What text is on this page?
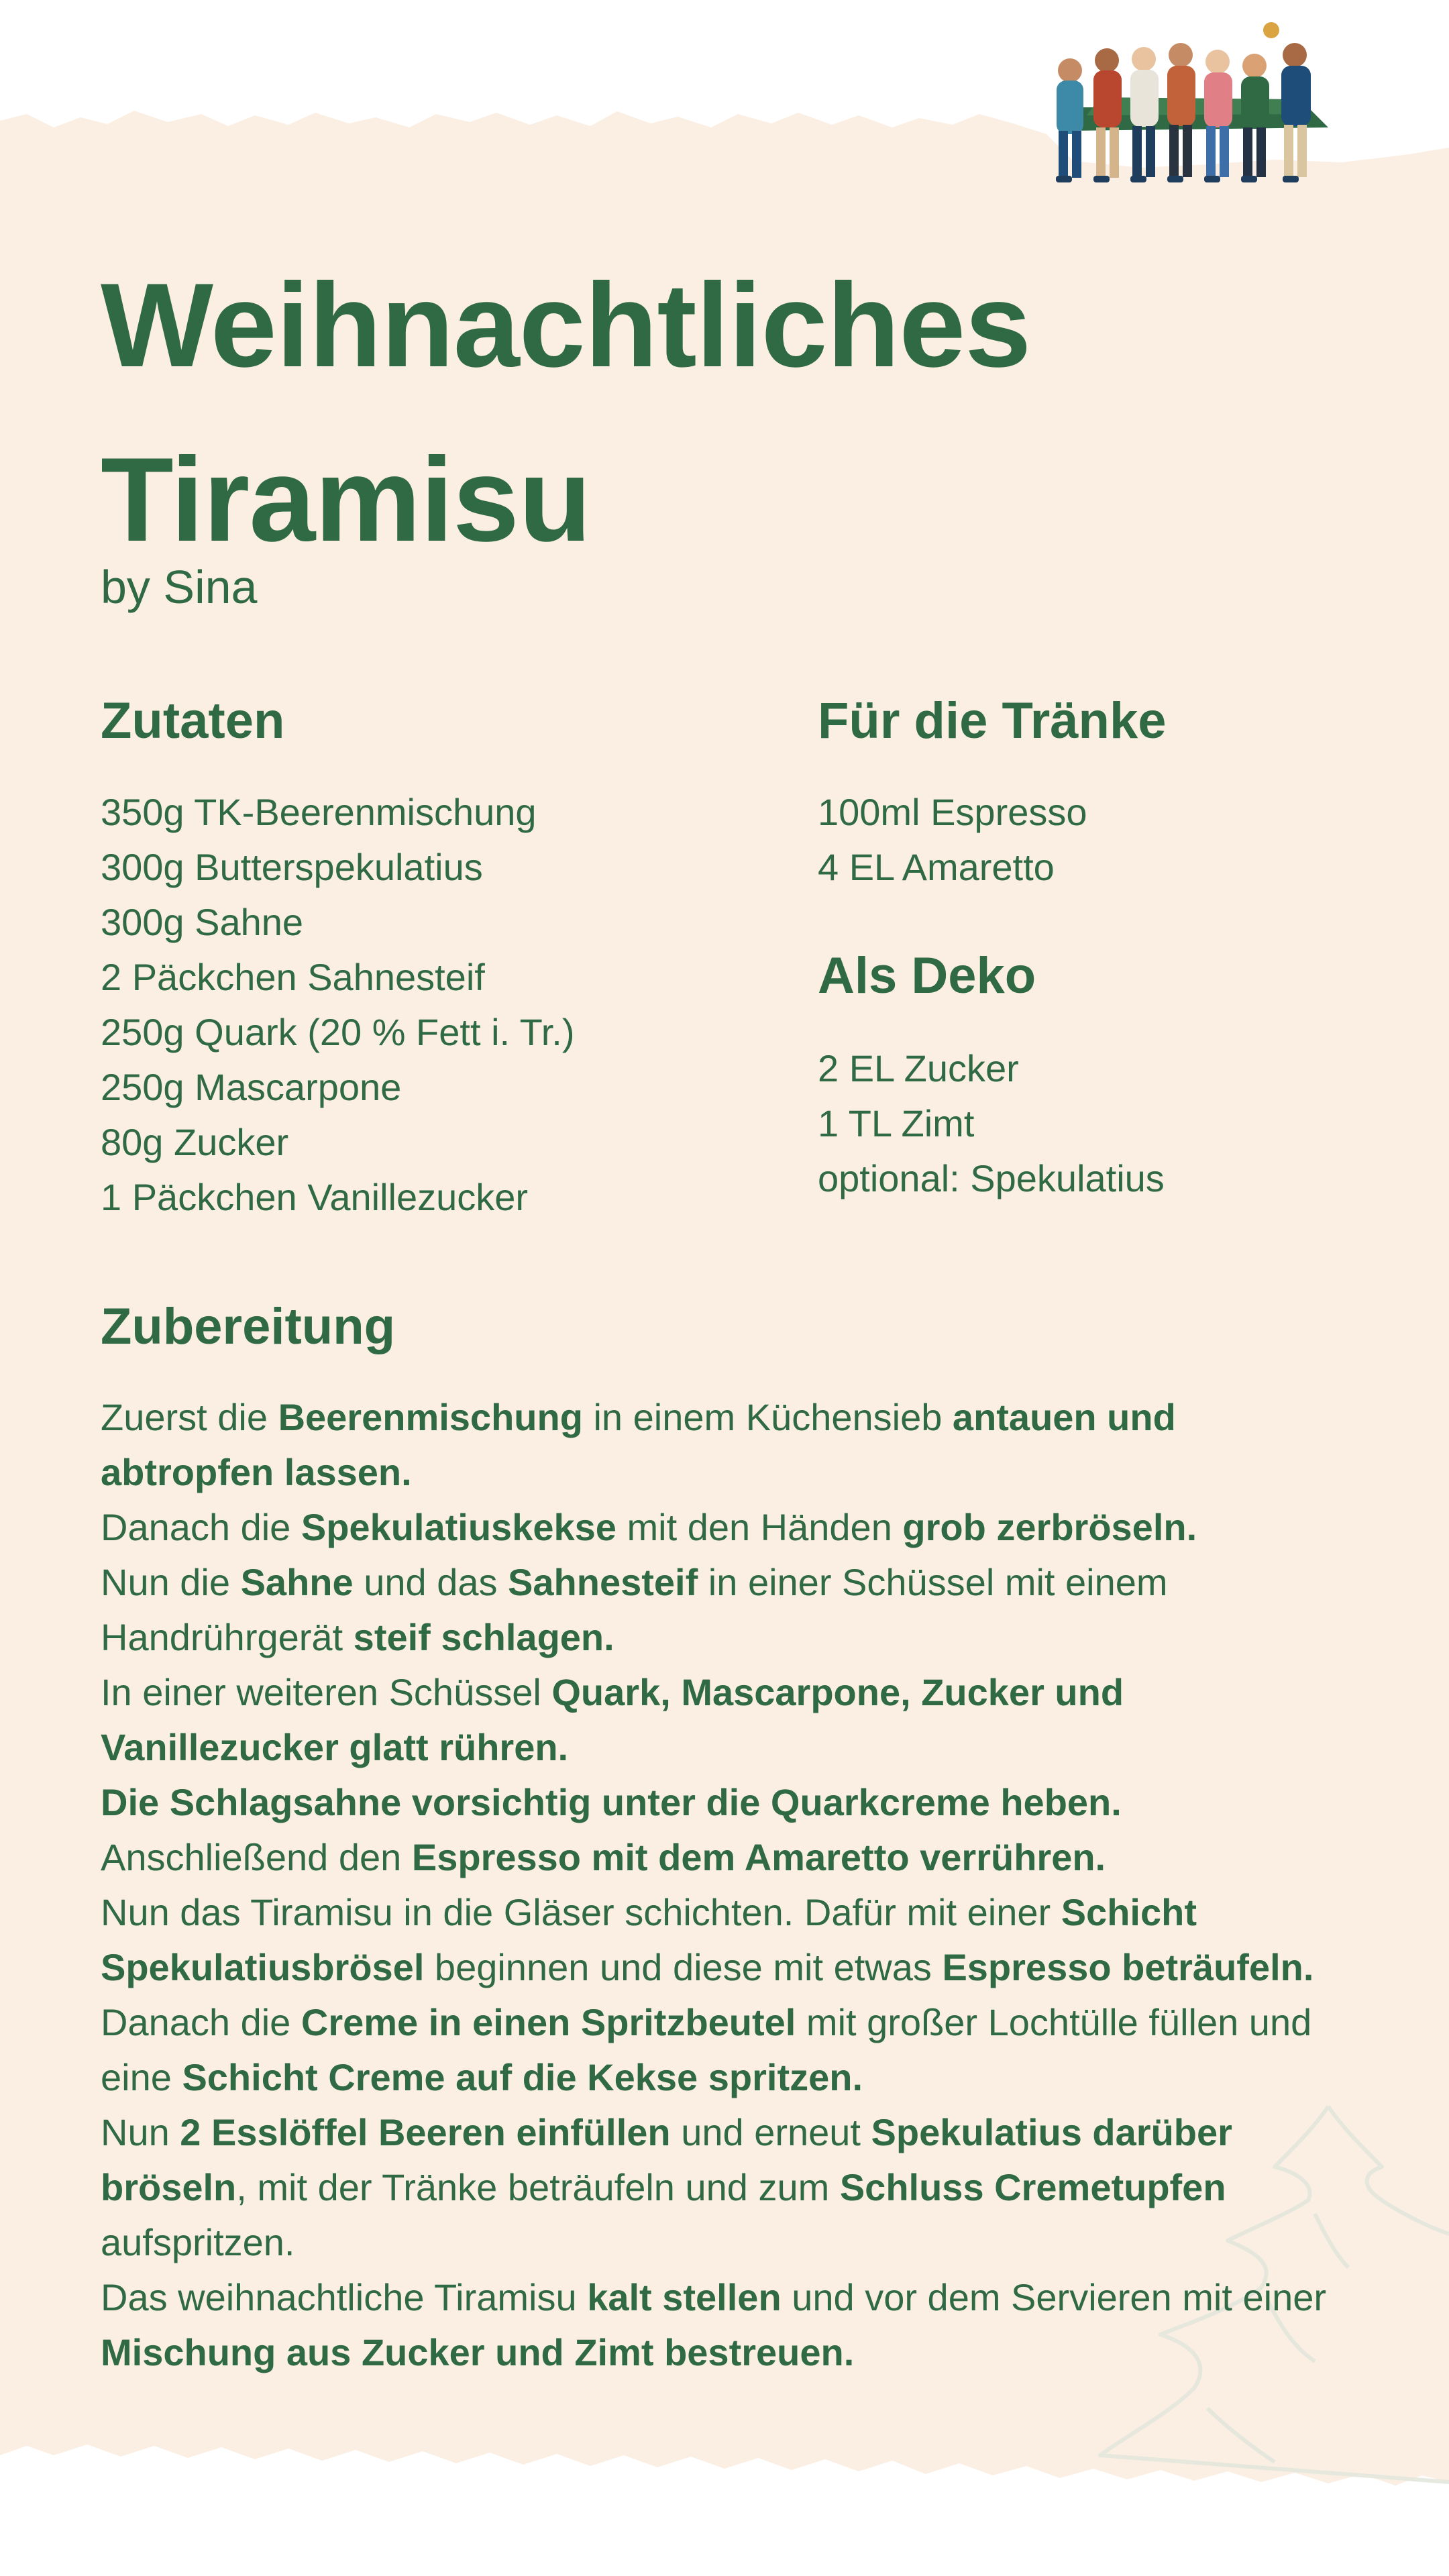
Weihnachtliches
Tiramisu
by Sina
Zutaten
350g TK-Beerenmischung
300g Butterspekulatius
300g Sahne
2 Päckchen Sahnesteif
250g Quark (20 % Fett i. Tr.)
250g Mascarpone
80g Zucker
1 Päckchen Vanillezucker
Für die Tränke
100ml Espresso
4 EL Amaretto
Als Deko
2 EL Zucker
1 TL Zimt
optional: Spekulatius
Zubereitung

Zuerst die Beerenmischung in einem Küchensieb antauen und abtropfen lassen.

Danach die Spekulatiuskekse mit den Händen grob zerbröseln.

Nun die Sahne und das Sahnesteif in einer Schüssel mit einem Handrührgerät steif schlagen.

In einer weiteren Schüssel Quark, Mascarpone, Zucker und Vanillezucker glatt rühren.

Die Schlagsahne vorsichtig unter die Quarkcreme heben.

Anschließend den Espresso mit dem Amaretto verrühren.

Nun das Tiramisu in die Gläser schichten. Dafür mit einer Schicht Spekulatiusbrösel beginnen und diese mit etwas Espresso beträufeln.

Danach die Creme in einen Spritzbeutel mit großer Lochtülle füllen und eine Schicht Creme auf die Kekse spritzen.

Nun 2 Esslöffel Beeren einfüllen und erneut Spekulatius darüber bröseln, mit der Tränke beträufeln und zum Schluss Cremetupfen aufspritzen.

Das weihnachtliche Tiramisu kalt stellen und vor dem Servieren mit einer Mischung aus Zucker und Zimt bestreuen.
